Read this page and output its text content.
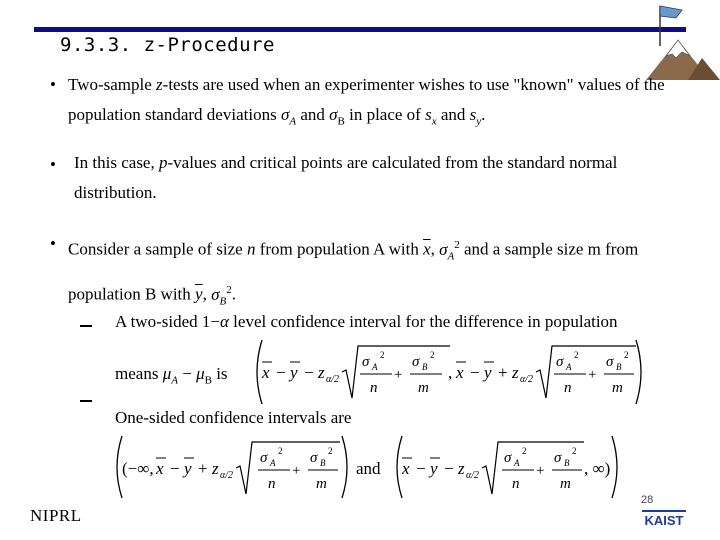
9.3.3. z-Procedure
• Two-sample z-tests are used when an experimenter wishes to use "known" values of the population standard deviations $\sigma_A$ and $\sigma_B$ in place of $s_x$ and $s_y$.
• In this case, p-values and critical points are calculated from the standard normal distribution.
• Consider a sample of size n from population A with $\overline{x}$, $\sigma_A^2$ and a sample size m from population B with $\overline{y}$, $\sigma_B^2$.
A two-sided 1−α level confidence interval for the difference in population
means $\mu_A - \mu_B$ is
One-sided confidence intervals are
x − y − z α/2
σ A
2
n
+
σ B
2
m
, x − y + z α/2
σ A
2
n
+
σ B
2
m
(−∞, x − y + z α/2
σ A
2
n
+
σ B
2
m
and x − y − z α/2
σ A
2
n
+
σ B
2
m
, ∞)
NIPRL
28
KAIST
